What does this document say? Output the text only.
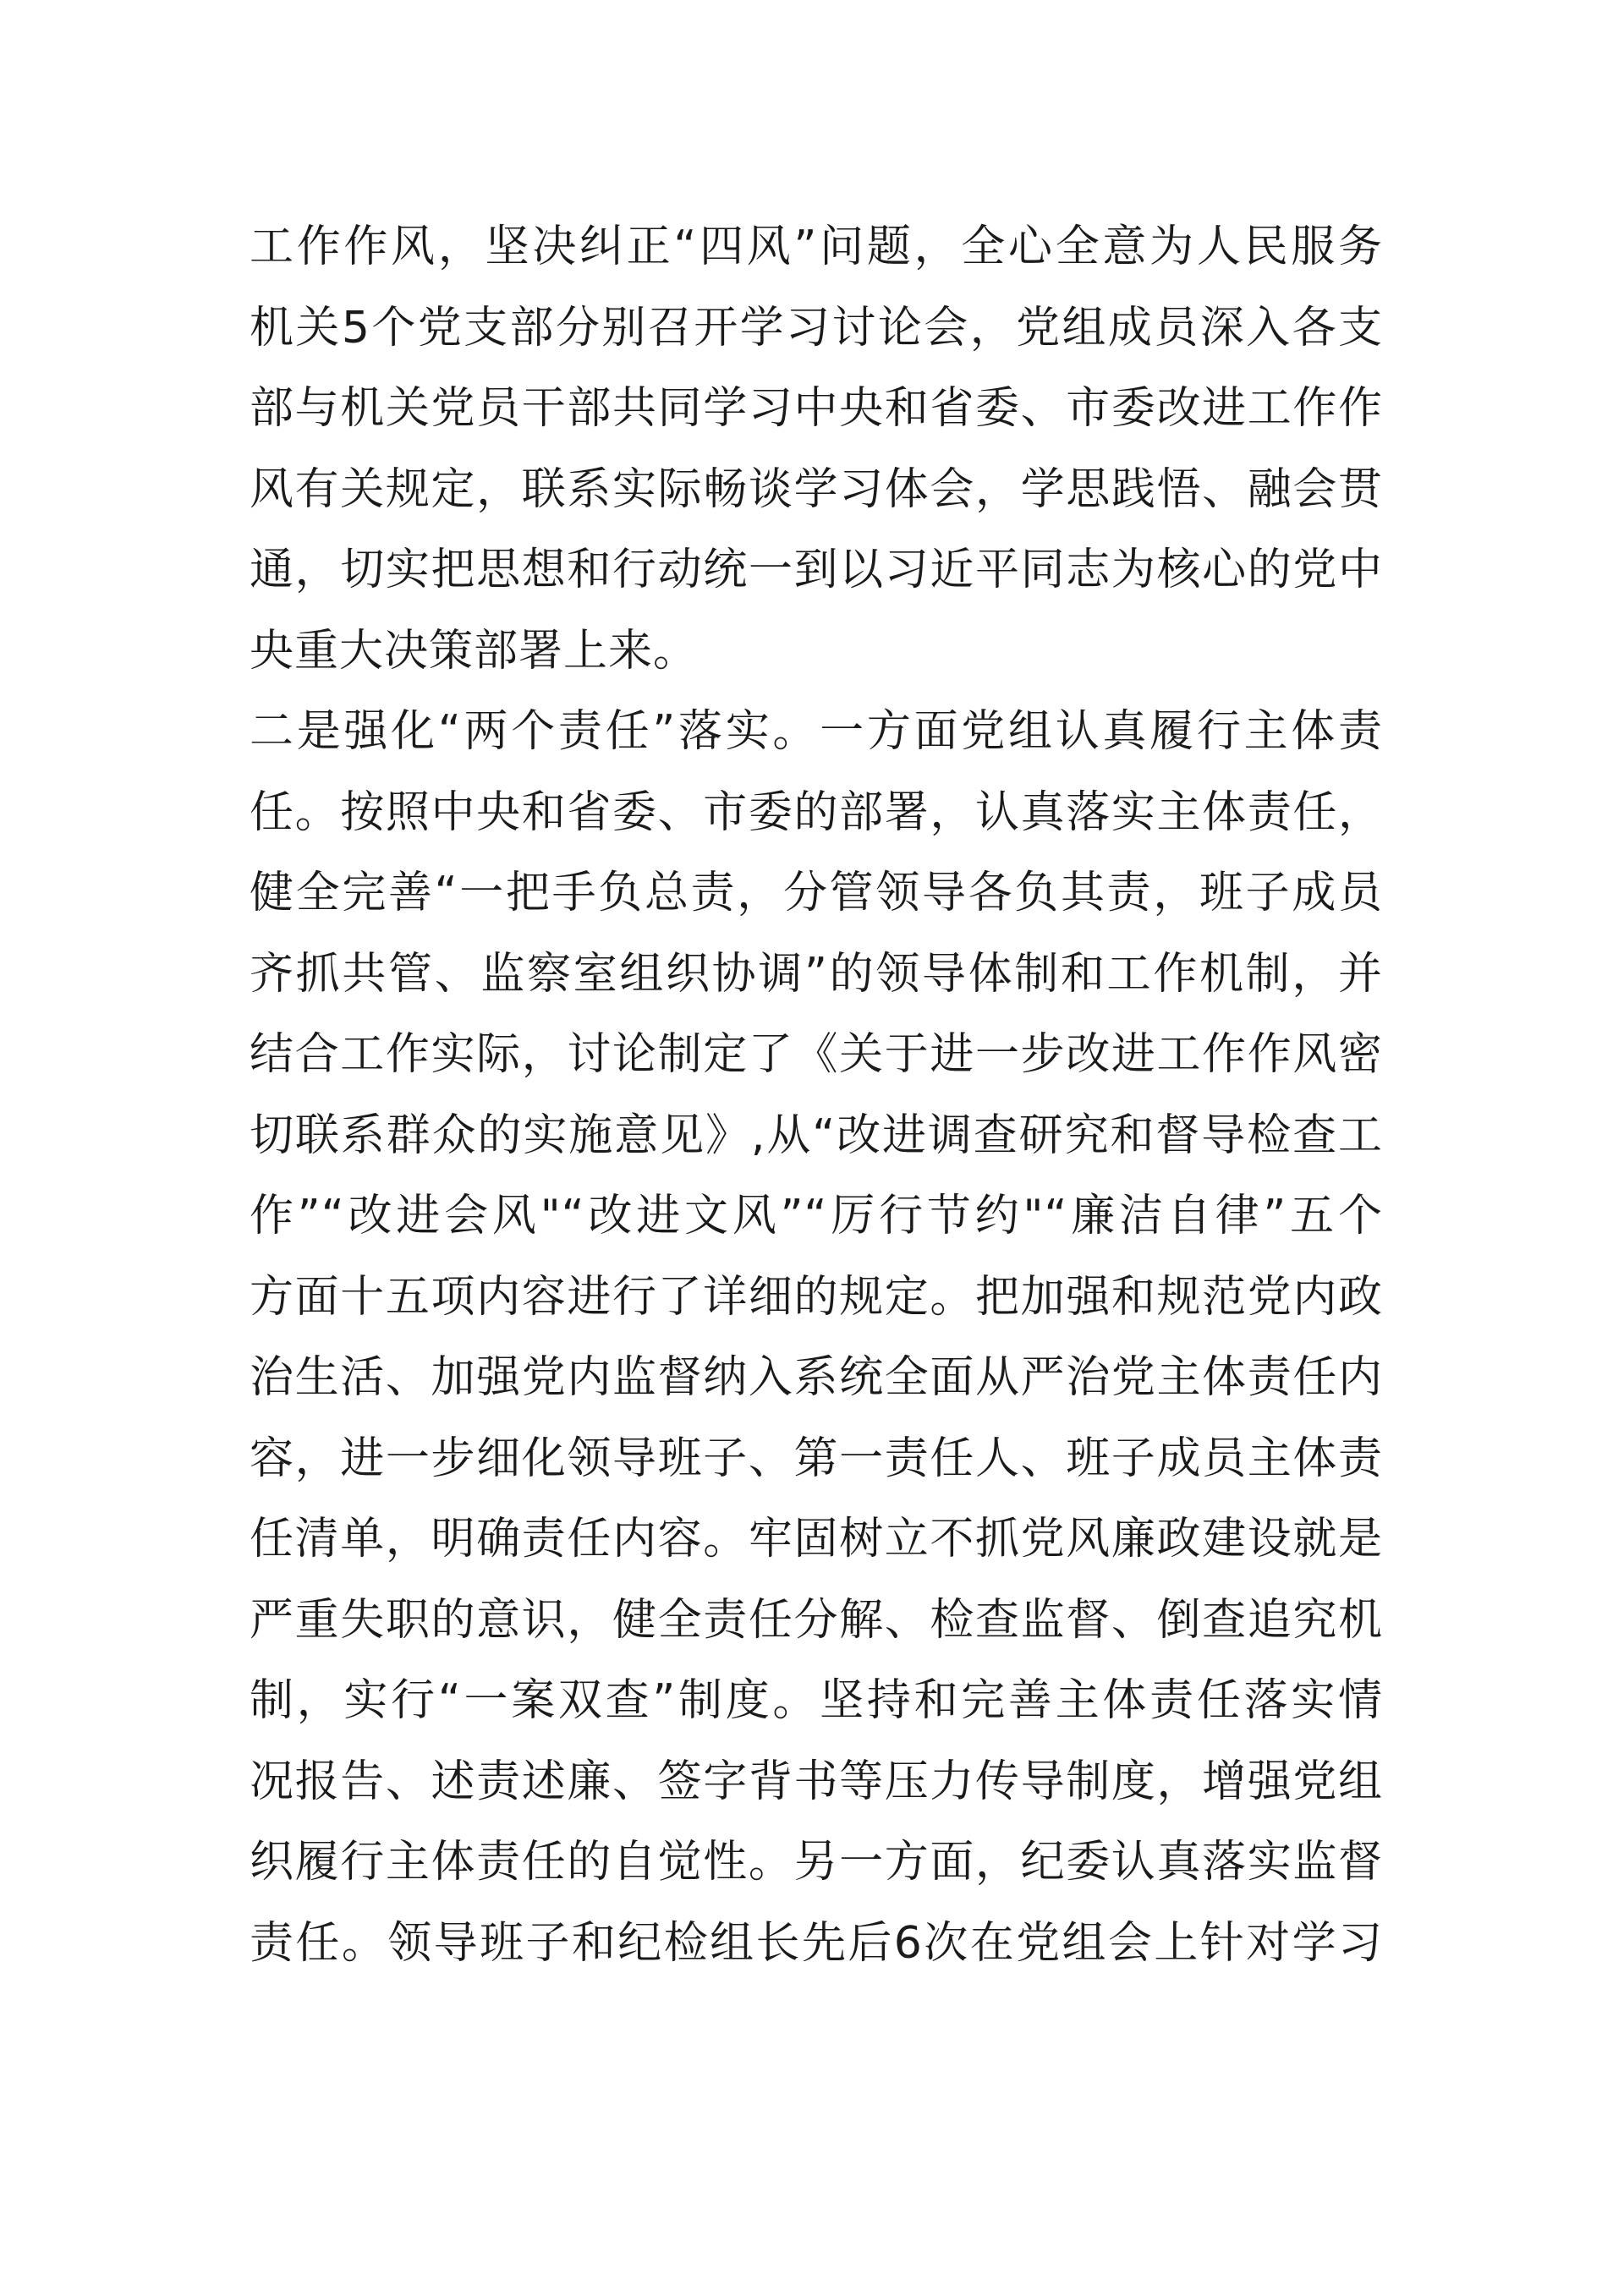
工作作风，坚决纠正“四风”问题，全心全意为人民服务
机关5个党支部分别召开学习讨论会，党组成员深入各支
部与机关党员干部共同学习中央和省委、市委改进工作作
风有关规定，联系实际畅谈学习体会，学思践悟、融会贯
通，切实把思想和行动统一到以习近平同志为核心的党中
央重大决策部署上来。
二是强化“两个责任”落实。一方面党组认真履行主体责
任。按照中央和省委、市委的部署，认真落实主体责任，
健全完善“一把手负总责，分管领导各负其责，班子成员
齐抓共管、监察室组织协调”的领导体制和工作机制，并
结合工作实际，讨论制定了《关于进一步改进工作作风密
切联系群众的实施意见》,从“改进调查研究和督导检查工
作”“改进会风"“改进文风”“厉行节约"“廉洁自律”五个
方面十五项内容进行了详细的规定。把加强和规范党内政
治生活、加强党内监督纳入系统全面从严治党主体责任内
容，进一步细化领导班子、第一责任人、班子成员主体责
任清单，明确责任内容。牢固树立不抓党风廉政建设就是
严重失职的意识，健全责任分解、检查监督、倒查追究机
制，实行“一案双查”制度。坚持和完善主体责任落实情
况报告、述责述廉、签字背书等压力传导制度，增强党组
织履行主体责任的自觉性。另一方面，纪委认真落实监督
责任。领导班子和纪检组长先后6次在党组会上针对学习
